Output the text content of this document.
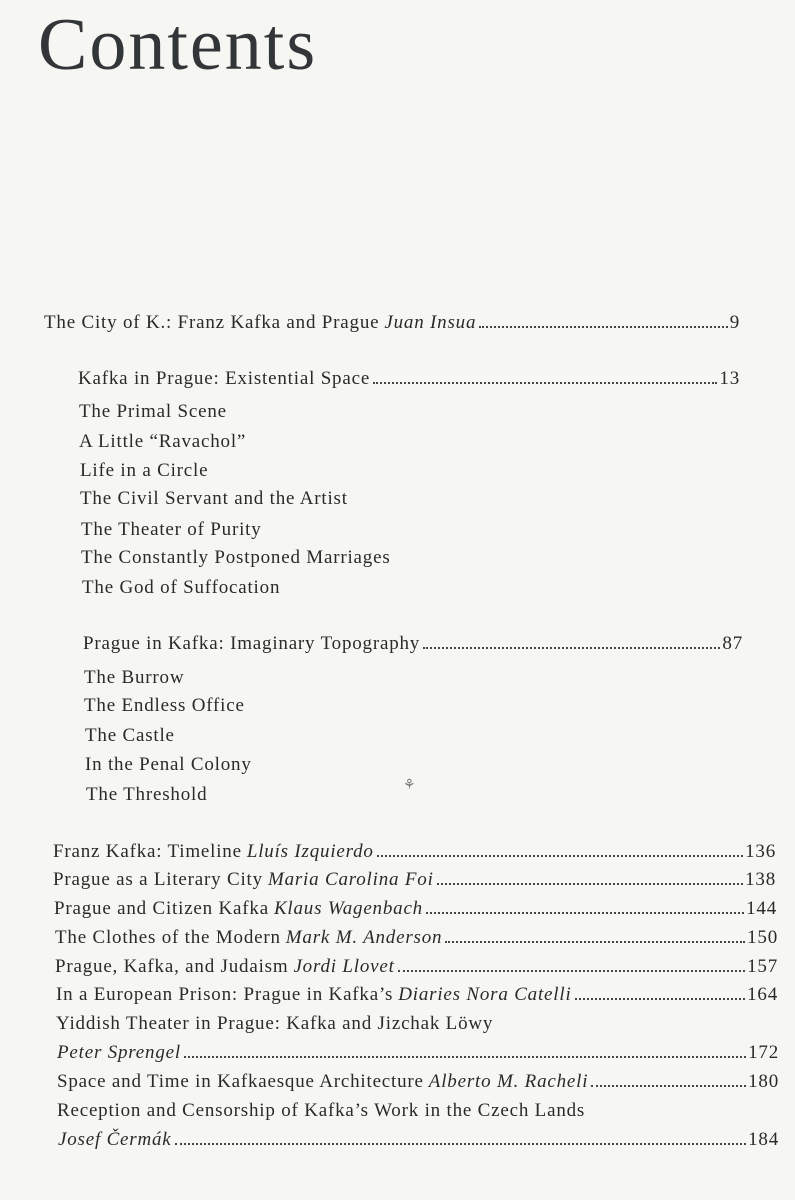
Contents
The City of K.: Franz Kafka and Prague Juan Insua	9
Kafka in Prague: Existential Space	13
The Primal Scene
A Little “Ravachol”
Life in a Circle
The Civil Servant and the Artist
The Theater of Purity
The Constantly Postponed Marriages
The God of Suffocation
Prague in Kafka: Imaginary Topography	87
The Burrow
The Endless Office
The Castle
In the Penal Colony
The Threshold	⚘
Franz Kafka: Timeline Lluís Izquierdo	136
Prague as a Literary City Maria Carolina Foi	138
Prague and Citizen Kafka Klaus Wagenbach	144
The Clothes of the Modern Mark M. Anderson	150
Prague, Kafka, and Judaism Jordi Llovet	157
In a European Prison: Prague in Kafka’s Diaries Nora Catelli	164
Yiddish Theater in Prague: Kafka and Jizchak Löwy
Peter Sprengel	172
Space and Time in Kafkaesque Architecture Alberto M. Racheli	180
Reception and Censorship of Kafka’s Work in the Czech Lands
Josef Čermák	184
